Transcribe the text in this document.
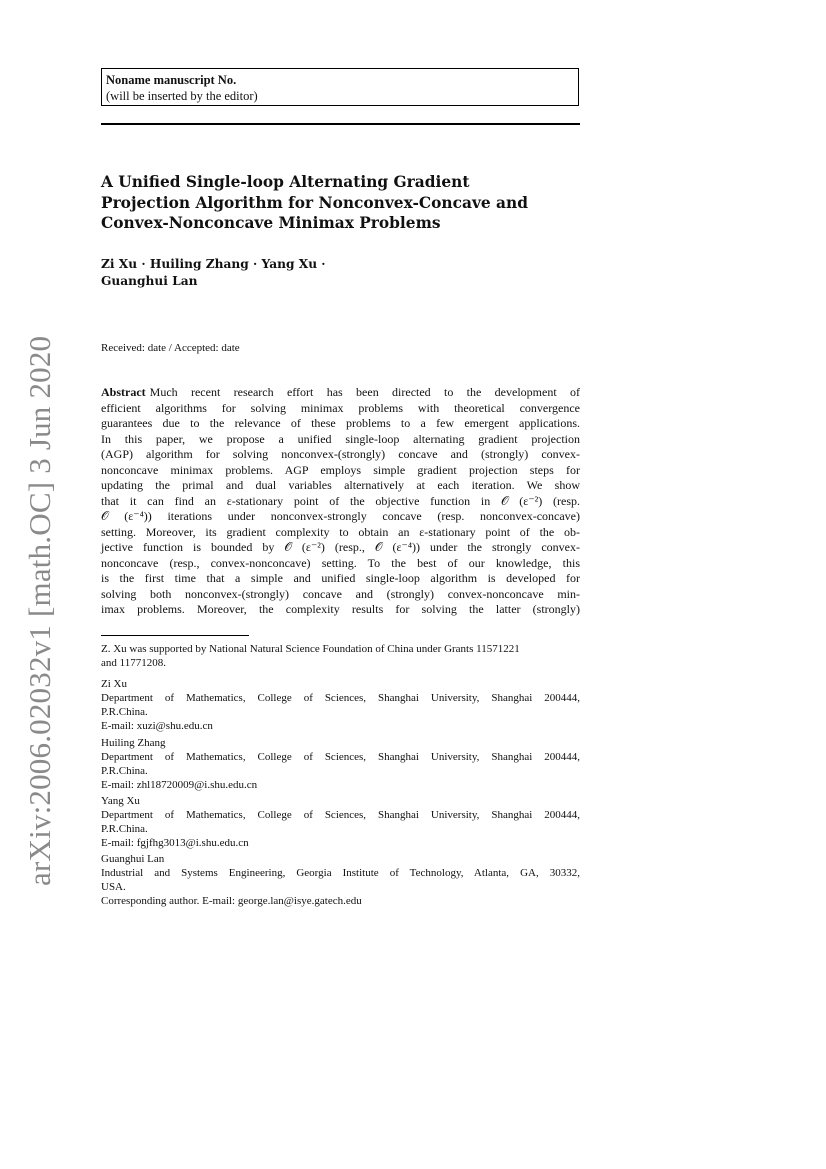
Noname manuscript No.
(will be inserted by the editor)
A Unified Single-loop Alternating Gradient
Projection Algorithm for Nonconvex-Concave and
Convex-Nonconcave Minimax Problems
Zi Xu · Huiling Zhang · Yang Xu ·
Guanghui Lan
Received: date / Accepted: date
Abstract Much recent research effort has been directed to the development of
efficient algorithms for solving minimax problems with theoretical convergence
guarantees due to the relevance of these problems to a few emergent applications.
In this paper, we propose a unified single-loop alternating gradient projection
(AGP) algorithm for solving nonconvex-(strongly) concave and (strongly) convex-
nonconcave minimax problems. AGP employs simple gradient projection steps for
updating the primal and dual variables alternatively at each iteration. We show
that it can find an ε-stationary point of the objective function in 𝒪 (ε⁻²) (resp.
𝒪 (ε⁻⁴)) iterations under nonconvex-strongly concave (resp. nonconvex-concave)
setting. Moreover, its gradient complexity to obtain an ε-stationary point of the ob-
jective function is bounded by 𝒪 (ε⁻²) (resp., 𝒪 (ε⁻⁴)) under the strongly convex-
nonconcave (resp., convex-nonconcave) setting. To the best of our knowledge, this
is the first time that a simple and unified single-loop algorithm is developed for
solving both nonconvex-(strongly) concave and (strongly) convex-nonconcave min-
imax problems. Moreover, the complexity results for solving the latter (strongly)
Z. Xu was supported by National Natural Science Foundation of China under Grants 11571221
and 11771208.
Zi Xu
Department of Mathematics, College of Sciences, Shanghai University, Shanghai 200444,
P.R.China.
E-mail: xuzi@shu.edu.cn
Huiling Zhang
Department of Mathematics, College of Sciences, Shanghai University, Shanghai 200444,
P.R.China.
E-mail: zhl18720009@i.shu.edu.cn
Yang Xu
Department of Mathematics, College of Sciences, Shanghai University, Shanghai 200444,
P.R.China.
E-mail: fgjfhg3013@i.shu.edu.cn
Guanghui Lan
Industrial and Systems Engineering, Georgia Institute of Technology, Atlanta, GA, 30332,
USA.
Corresponding author. E-mail: george.lan@isye.gatech.edu
arXiv:2006.02032v1 [math.OC] 3 Jun 2020
